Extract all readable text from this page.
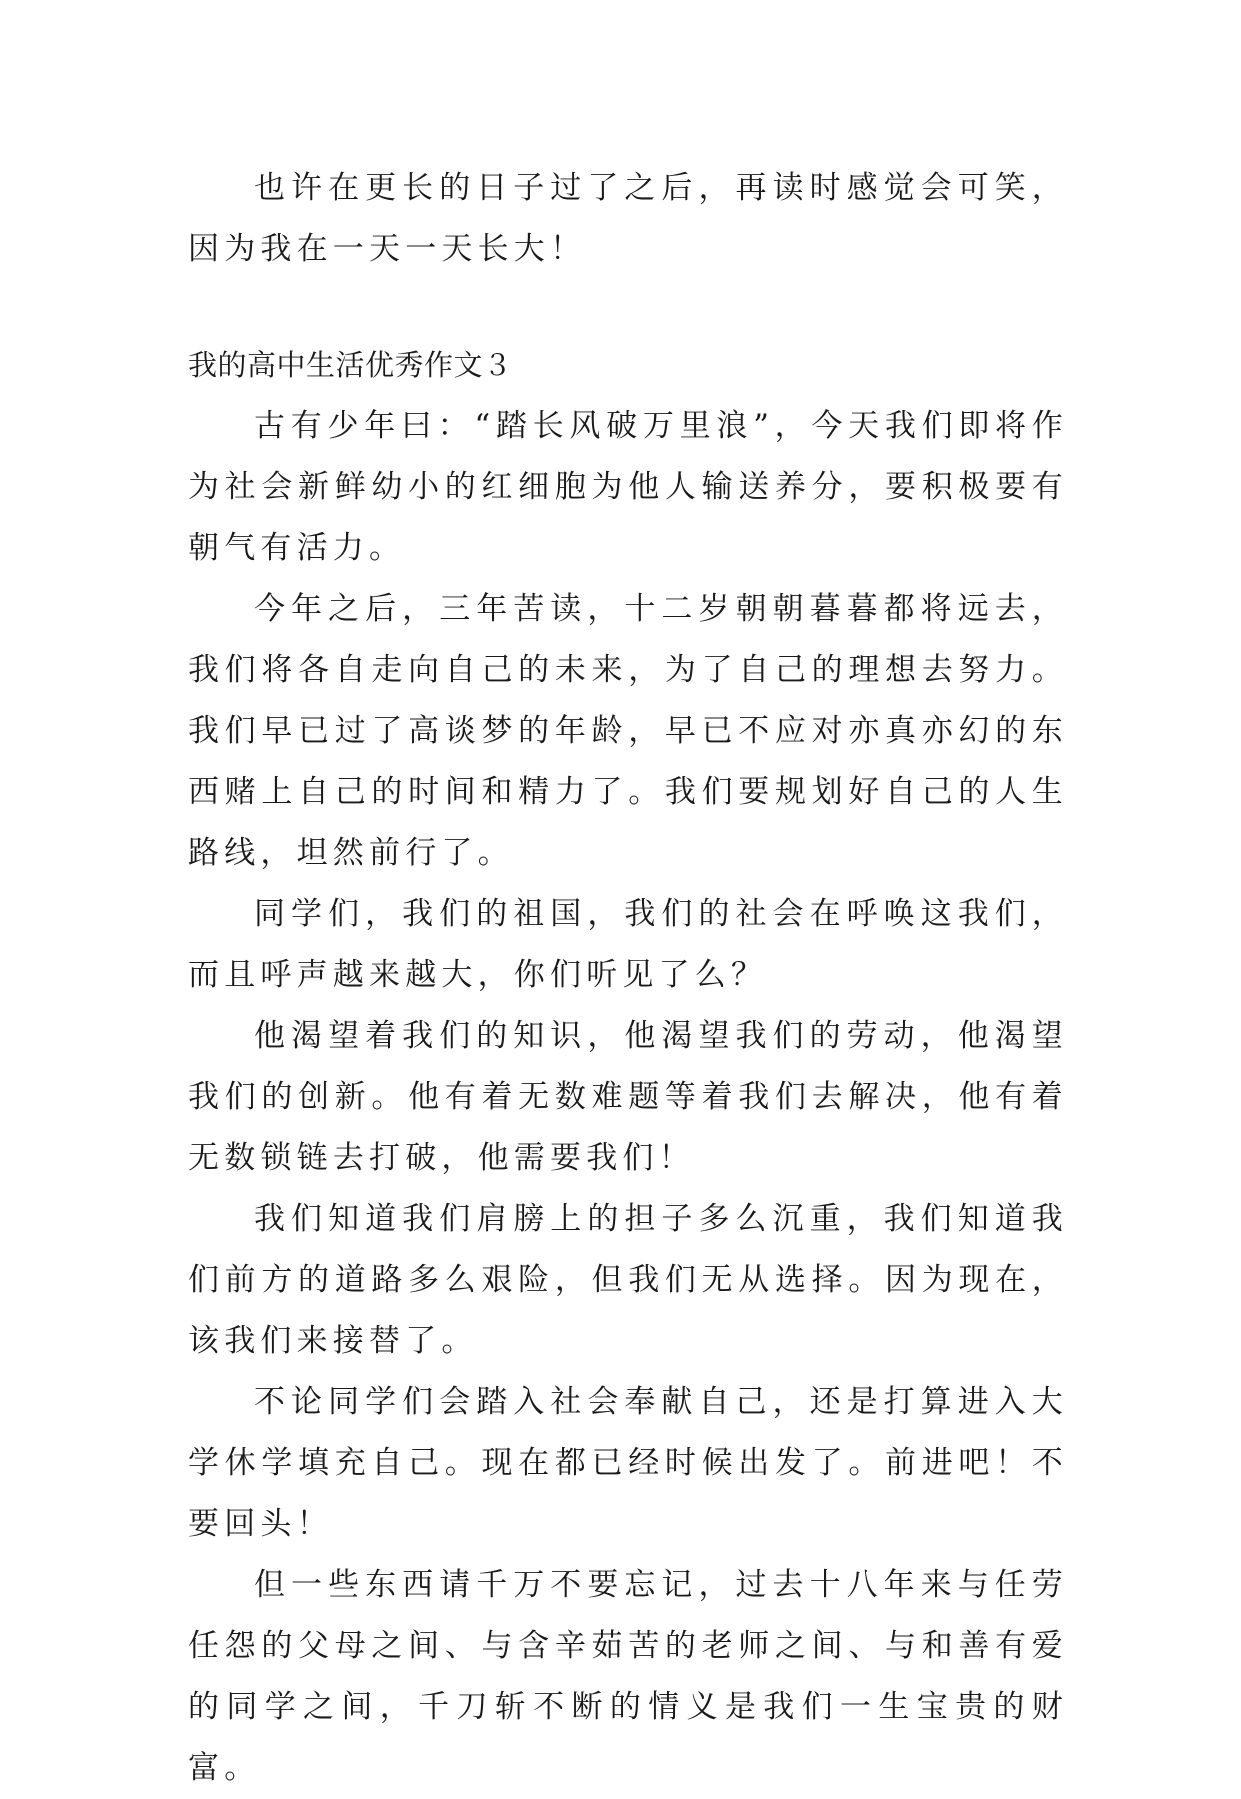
也许在更长的日子过了之后，再读时感觉会可笑，因为我在一天一天长大！

我的高中生活优秀作文３

古有少年曰：“踏长风破万里浪”，今天我们即将作为社会新鲜幼小的红细胞为他人输送养分，要积极要有朝气有活力。

今年之后，三年苦读，十二岁朝朝暮暮都将远去，我们将各自走向自己的未来，为了自己的理想去努力。我们早已过了高谈梦的年龄，早已不应对亦真亦幻的东西赌上自己的时间和精力了。我们要规划好自己的人生路线，坦然前行了。

同学们，我们的祖国，我们的社会在呼唤这我们，而且呼声越来越大，你们听见了么？

他渴望着我们的知识，他渴望我们的劳动，他渴望我们的创新。他有着无数难题等着我们去解决，他有着无数锁链去打破，他需要我们！

我们知道我们肩膀上的担子多么沉重，我们知道我们前方的道路多么艰险，但我们无从选择。因为现在，该我们来接替了。

不论同学们会踏入社会奉献自己，还是打算进入大学休学填充自己。现在都已经时候出发了。前进吧！不要回头！

但一些东西请千万不要忘记，过去十八年来与任劳任怨的父母之间、与含辛茹苦的老师之间、与和善有爱的同学之间，千刀斩不断的情义是我们一生宝贵的财富。
